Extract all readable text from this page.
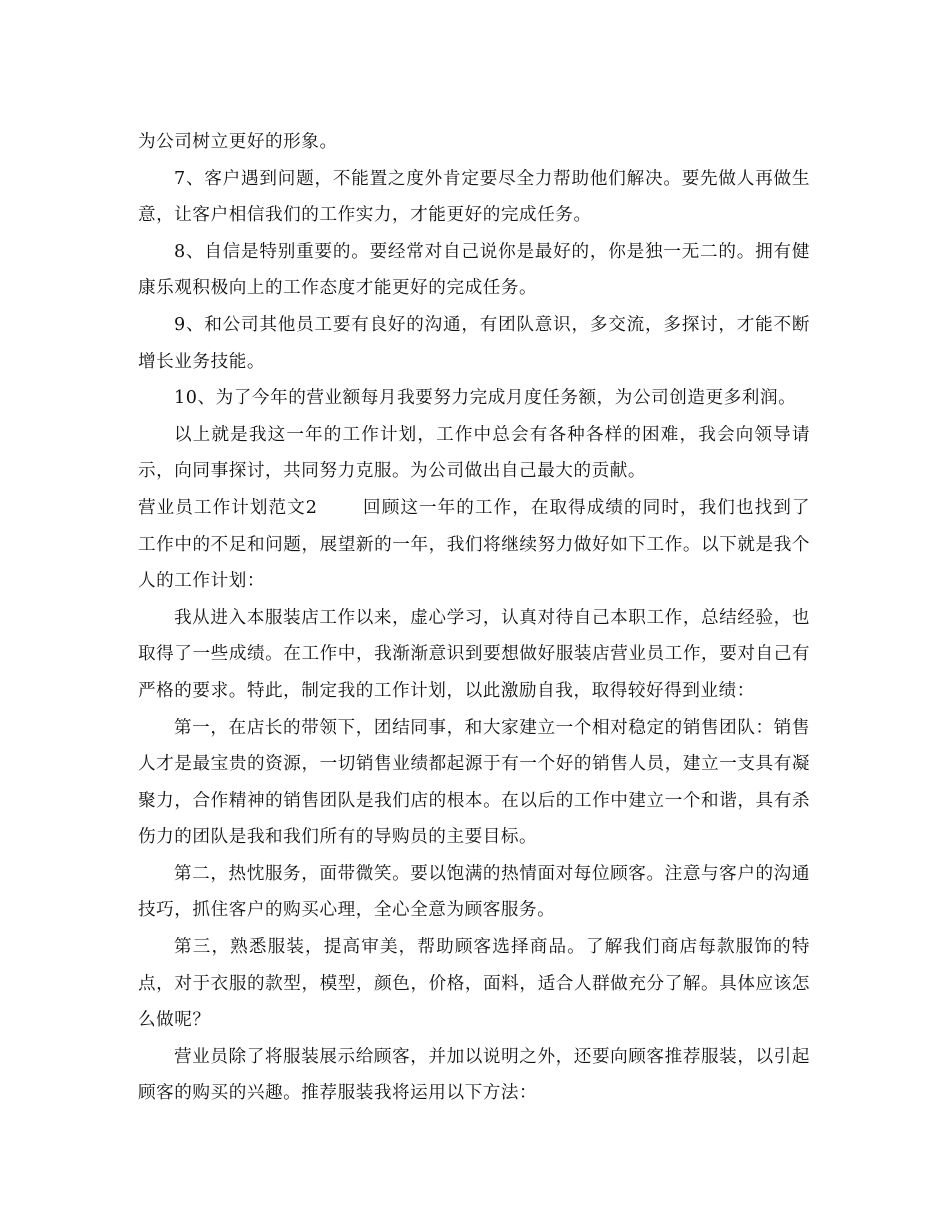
为公司树立更好的形象。

7、客户遇到问题，不能置之度外肯定要尽全力帮助他们解决。要先做人再做生意，让客户相信我们的工作实力，才能更好的完成任务。

8、自信是特别重要的。要经常对自己说你是最好的，你是独一无二的。拥有健康乐观积极向上的工作态度才能更好的完成任务。

9、和公司其他员工要有良好的沟通，有团队意识，多交流，多探讨，才能不断增长业务技能。

10、为了今年的营业额每月我要努力完成月度任务额，为公司创造更多利润。

以上就是我这一年的工作计划，工作中总会有各种各样的困难，我会向领导请示，向同事探讨，共同努力克服。为公司做出自己最大的贡献。

营业员工作计划范文2	回顾这一年的工作，在取得成绩的同时，我们也找到了工作中的不足和问题，展望新的一年，我们将继续努力做好如下工作。以下就是我个人的工作计划：

我从进入本服装店工作以来，虚心学习，认真对待自己本职工作，总结经验，也取得了一些成绩。在工作中，我渐渐意识到要想做好服装店营业员工作，要对自己有严格的要求。特此，制定我的工作计划，以此激励自我，取得较好得到业绩：

第一，在店长的带领下，团结同事，和大家建立一个相对稳定的销售团队：销售人才是最宝贵的资源，一切销售业绩都起源于有一个好的销售人员，建立一支具有凝聚力，合作精神的销售团队是我们店的根本。在以后的工作中建立一个和谐，具有杀伤力的团队是我和我们所有的导购员的主要目标。

第二，热忱服务，面带微笑。要以饱满的热情面对每位顾客。注意与客户的沟通技巧，抓住客户的购买心理，全心全意为顾客服务。

第三，熟悉服装，提高审美，帮助顾客选择商品。了解我们商店每款服饰的特点，对于衣服的款型，模型，颜色，价格，面料，适合人群做充分了解。具体应该怎么做呢？

营业员除了将服装展示给顾客，并加以说明之外，还要向顾客推荐服装，以引起顾客的购买的兴趣。推荐服装我将运用以下方法：
